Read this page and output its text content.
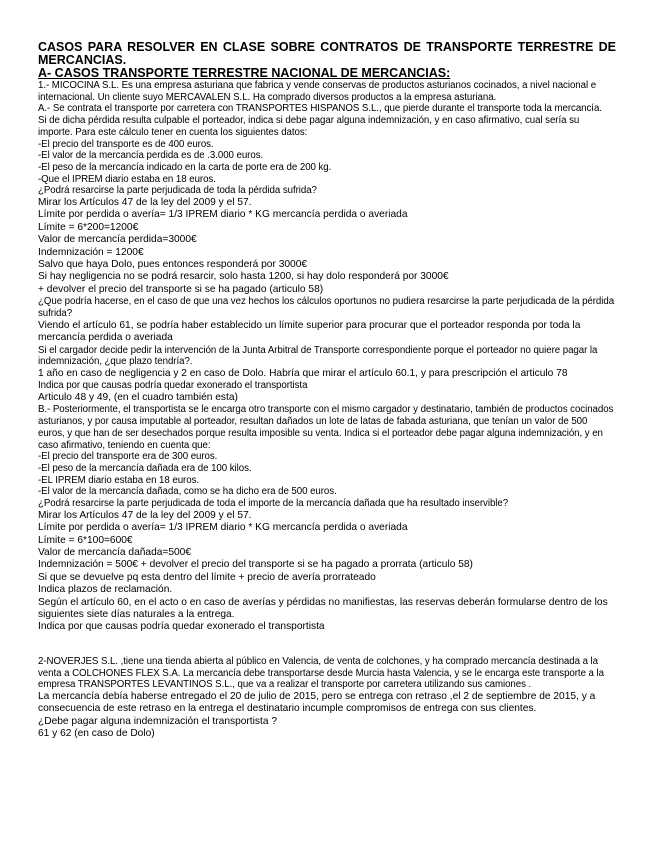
CASOS PARA RESOLVER EN CLASE SOBRE CONTRATOS DE TRANSPORTE TERRESTRE DE MERCANCIAS.

A- CASOS TRANSPORTE TERRESTRE NACIONAL DE MERCANCIAS:

1.- MICOCINA S.L. Es una empresa asturiana que fabrica y vende conservas de productos asturianos cocinados, a nivel nacional e internacional. Un cliente suyo MERCAVALEN S.L. Ha comprado diversos productos a la empresa asturiana.

A.- Se contrata el transporte por carretera con TRANSPORTES HISPANOS S.L., que pierde durante el transporte toda la mercancía.

Si de dicha pérdida resulta culpable el porteador, indica si debe pagar alguna indemnización, y en caso afirmativo, cual sería su importe. Para este cálculo tener en cuenta los siguientes datos:

-El precio del transporte es de 400 euros.

-El valor de la mercancía perdida es de .3.000 euros.

-El peso de la mercancía indicado en la carta de porte era de 200 kg.

-Que el IPREM diario estaba en 18 euros.

¿Podrá resarcirse la parte perjudicada de toda la pérdida sufrida?

Mirar los Artículos 47 de la ley del 2009 y el 57.

Límite por perdida o avería= 1/3 IPREM diario * KG mercancía perdida o averiada

Límite = 6*200=1200€

Valor de mercancía perdida=3000€

Indemnización = 1200€

Salvo que haya Dolo, pues entonces responderá por 3000€

Si hay negligencia no se podrá resarcir, solo hasta 1200, si hay dolo responderá por 3000€

+ devolver el precio del transporte si se ha pagado (articulo 58)

¿Que podría hacerse, en el caso de que una vez hechos los cálculos oportunos no pudiera resarcirse la parte perjudicada de la pérdida sufrida?

Viendo el artículo 61, se podría haber establecido un límite superior para procurar que el porteador responda por toda la mercancía perdida o averiada

Si el cargador decide pedir la intervención de la Junta Arbitral de Transporte correspondiente porque el porteador no quiere pagar la indemnización, ¿que plazo tendría?.

1 año en caso de negligencia y 2 en caso de Dolo. Habría que mirar el artículo 60.1, y para prescripción el articulo 78

Indica por que causas podría quedar exonerado el transportista

Articulo 48 y 49, (en el cuadro también esta)

B.- Posteriormente, el transportista se le encarga otro transporte con el mismo cargador y destinatario, también de productos cocinados asturianos, y por causa imputable al porteador, resultan dañados un lote de latas de fabada asturiana, que tenían un valor de 500 euros, y que han de ser desechados porque resulta imposible su venta. Indica si el porteador debe pagar alguna indemnización, y en caso afirmativo, teniendo en cuenta que:

-El precio del transporte era de 300 euros.

-El peso de la mercancía dañada era de 100 kilos.

-EL IPREM diario estaba en 18 euros.

-El valor de la mercancía dañada, como se ha dicho era de 500 euros.

¿Podrá resarcirse la parte perjudicada de toda el importe de la mercancía dañada que ha resultado inservible?

Mirar los Artículos 47 de la ley del 2009 y el 57.

Límite por perdida o avería= 1/3 IPREM diario * KG mercancía perdida o averiada

Límite = 6*100=600€

Valor de mercancía dañada=500€

Indemnización = 500€ + devolver el precio del transporte si se ha pagado a prorrata (articulo 58)

Si que se devuelve pq esta dentro del límite + precio de avería prorrateado

Indica plazos de reclamación.

Según el artículo 60, en el acto o en caso de averías y pérdidas no manifiestas, las reservas deberán formularse dentro de los siguientes siete días naturales a la entrega.

Indica por que causas podría quedar exonerado el transportista

2-NOVERJES S.L. ,tiene una tienda abierta al público en Valencia, de venta de colchones, y ha comprado mercancía destinada a la venta a COLCHONES FLEX S.A. La mercancía debe transportarse desde Murcia hasta Valencia, y se le encarga este transporte a la empresa TRANSPORTES LEVANTINOS S.L., que va a realizar el transporte por carretera utilizando sus camiones .

La mercancía debía haberse entregado el 20 de julio de 2015, pero se entrega con retraso ,el 2 de septiembre de 2015, y a consecuencia de este retraso en la entrega el destinatario incumple compromisos de entrega con sus clientes.

¿Debe pagar alguna indemnización el transportista ?

61 y 62 (en caso de Dolo)
